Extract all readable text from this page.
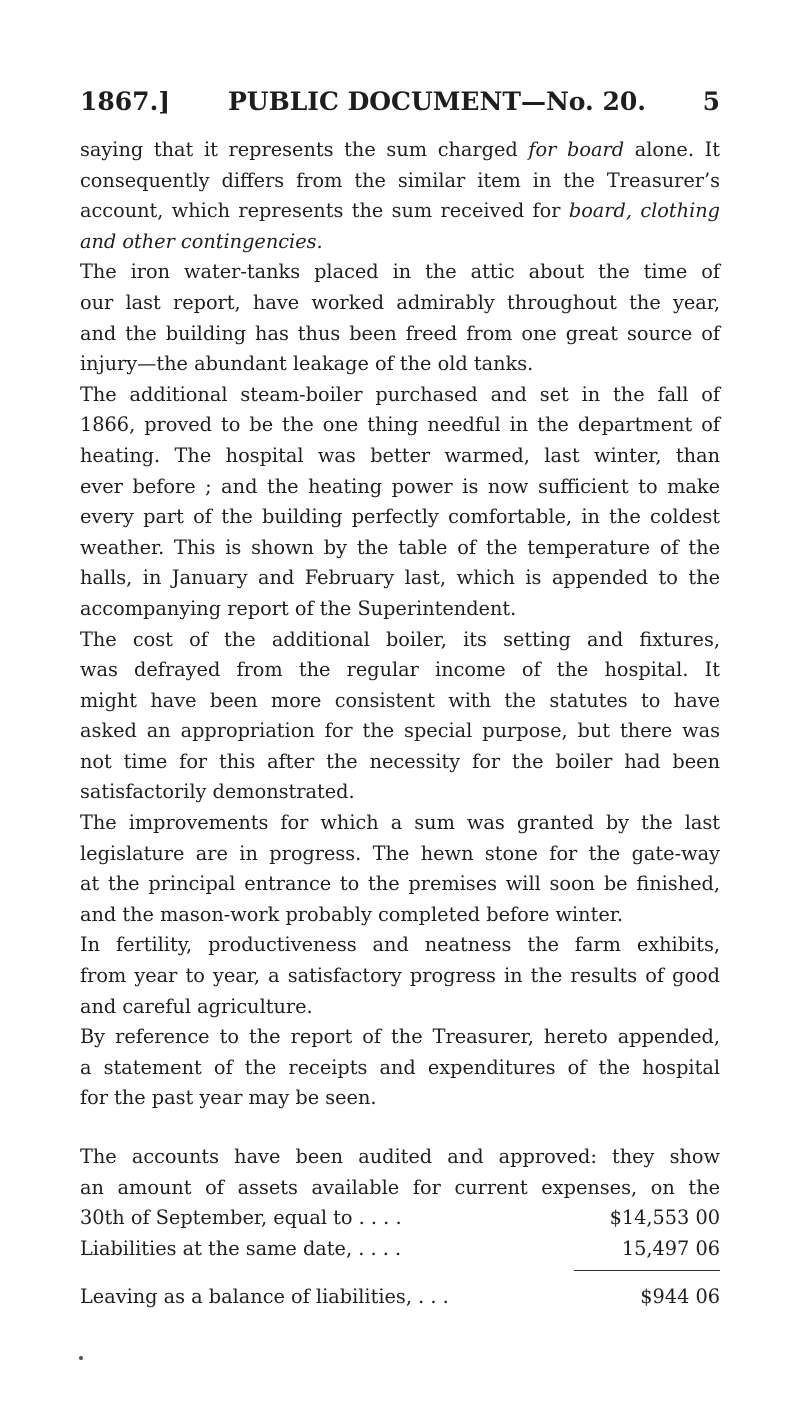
1867.] PUBLIC DOCUMENT—No. 20. 5
saying that it represents the sum charged for board alone. It
consequently differs from the similar item in the Treasurer’s
account, which represents the sum received for board, clothing
and other contingencies.
The iron water-tanks placed in the attic about the time of
our last report, have worked admirably throughout the year,
and the building has thus been freed from one great source of
injury—the abundant leakage of the old tanks.
The additional steam-boiler purchased and set in the fall of
1866, proved to be the one thing needful in the department of
heating. The hospital was better warmed, last winter, than
ever before ; and the heating power is now sufficient to make
every part of the building perfectly comfortable, in the coldest
weather. This is shown by the table of the temperature of the
halls, in January and February last, which is appended to the
accompanying report of the Superintendent.
The cost of the additional boiler, its setting and fixtures,
was defrayed from the regular income of the hospital. It
might have been more consistent with the statutes to have
asked an appropriation for the special purpose, but there was
not time for this after the necessity for the boiler had been
satisfactorily demonstrated.
The improvements for which a sum was granted by the last
legislature are in progress. The hewn stone for the gate-way
at the principal entrance to the premises will soon be finished,
and the mason-work probably completed before winter.
In fertility, productiveness and neatness the farm exhibits,
from year to year, a satisfactory progress in the results of good
and careful agriculture.
By reference to the report of the Treasurer, hereto appended,
a statement of the receipts and expenditures of the hospital
for the past year may be seen.
The accounts have been audited and approved: they show
an amount of assets available for current expenses, on the
30th of September, equal to . . . .	$14,553 00
Liabilities at the same date, . . . .	15,497 06
Leaving as a balance of liabilities, . . .	$944 06
